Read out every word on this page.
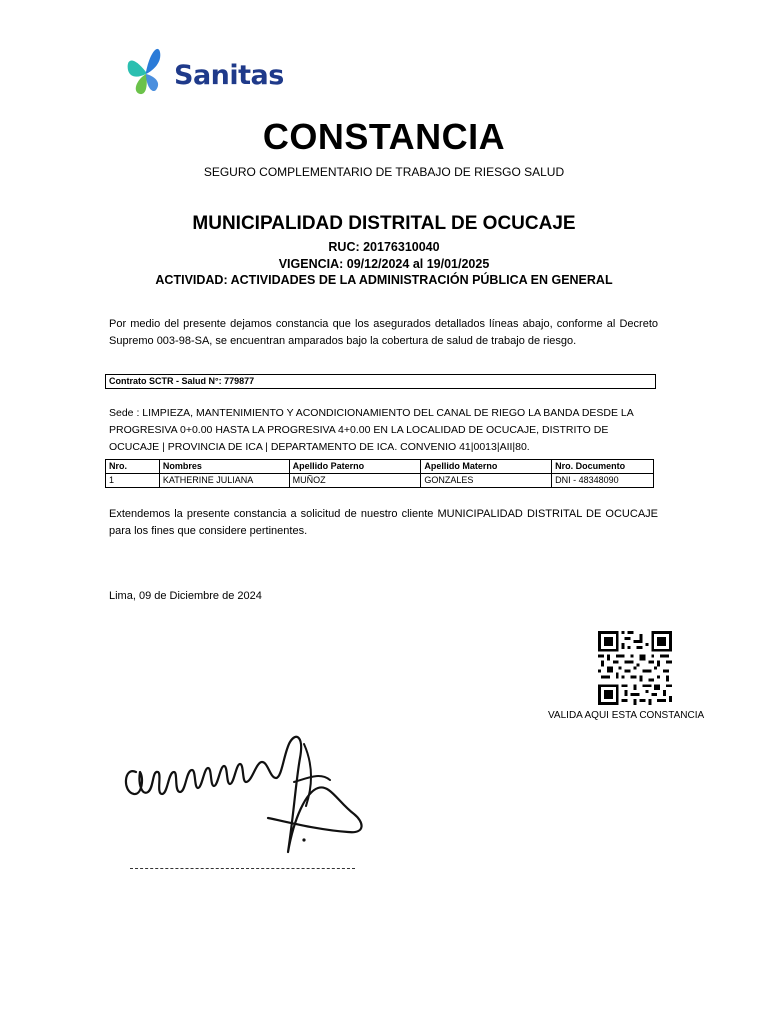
Sanitas
CONSTANCIA
SEGURO COMPLEMENTARIO DE TRABAJO DE RIESGO SALUD
MUNICIPALIDAD DISTRITAL DE OCUCAJE
RUC: 20176310040
VIGENCIA: 09/12/2024 al 19/01/2025
ACTIVIDAD: ACTIVIDADES DE LA ADMINISTRACIÓN PÚBLICA EN GENERAL
Por medio del presente dejamos constancia que los asegurados detallados líneas abajo, conforme al Decreto Supremo 003-98-SA, se encuentran amparados bajo la cobertura de salud de trabajo de riesgo.
Contrato SCTR - Salud N°: 779877
Sede : LIMPIEZA, MANTENIMIENTO Y ACONDICIONAMIENTO DEL CANAL DE RIEGO LA BANDA DESDE LA PROGRESIVA 0+0.00 HASTA LA PROGRESIVA 4+0.00 EN LA LOCALIDAD DE OCUCAJE, DISTRITO DE OCUCAJE | PROVINCIA DE ICA | DEPARTAMENTO DE ICA. CONVENIO 41|0013|AII|80.
Nro.	Nombres	Apellido Paterno	Apellido Materno	Nro. Documento
1	KATHERINE JULIANA	MUÑOZ	GONZALES	DNI - 48348090
Extendemos la presente constancia a solicitud de nuestro cliente MUNICIPALIDAD DISTRITAL DE OCUCAJE para los fines que considere pertinentes.
Lima, 09 de Diciembre de 2024
VALIDA AQUI ESTA CONSTANCIA
